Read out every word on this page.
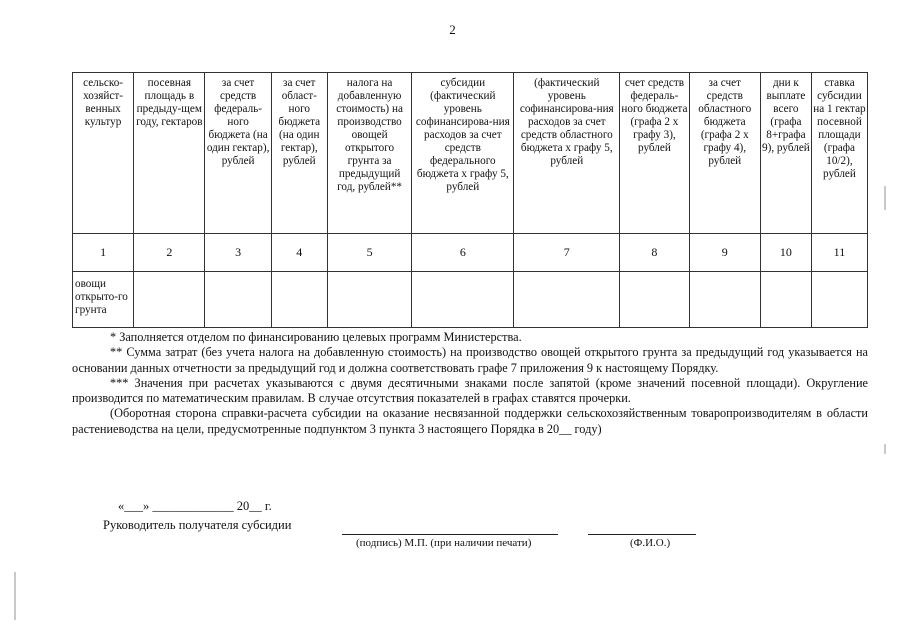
2
сельско-хозяйст-венных культур	посевная площадь в предыду-щем году, гектаров	за счет средств федераль-ного бюджета (на один гектар), рублей	за счет област-ного бюджета (на один гектар), рублей	налога на добавленную стоимость) на производство овощей открытого грунта за предыдущий год, рублей**	субсидии (фактический уровень софинансирова-ния расходов за счет средств федерального бюджета х графу 5, рублей	(фактический уровень софинансирова-ния расходов за счет средств областного бюджета х графу 5, рублей	счет средств федераль-ного бюджета (графа 2 х графу 3), рублей	за счет средств областного бюджета (графа 2 х графу 4), рублей	дни к выплате всего (графа 8+графа 9), рублей	ставка субсидии на 1 гектар посевной площади (графа 10/2), рублей
1	2	3	4	5	6	7	8	9	10	11
овощи открыто-го грунта										

* Заполняется отделом по финансированию целевых программ Министерства.

** Сумма затрат (без учета налога на добавленную стоимость) на производство овощей открытого грунта за предыдущий год указывается на основании данных отчетности за предыдущий год и должна соответствовать графе 7 приложения 9 к настоящему Порядку.

*** Значения при расчетах указываются с двумя десятичными знаками после запятой (кроме значений посевной площади). Округление производится по математическим правилам. В случае отсутствия показателей в графах ставятся прочерки.

(Оборотная сторона справки-расчета субсидии на оказание несвязанной поддержки сельскохозяйственным товаропроизводителям в области растениеводства на цели, предусмотренные подпунктом 3 пункта 3 настоящего Порядка в 20__ году)

«___» _____________ 20__ г.
Руководитель получателя субсидии
(подпись) М.П. (при наличии печати)	(Ф.И.О.)
